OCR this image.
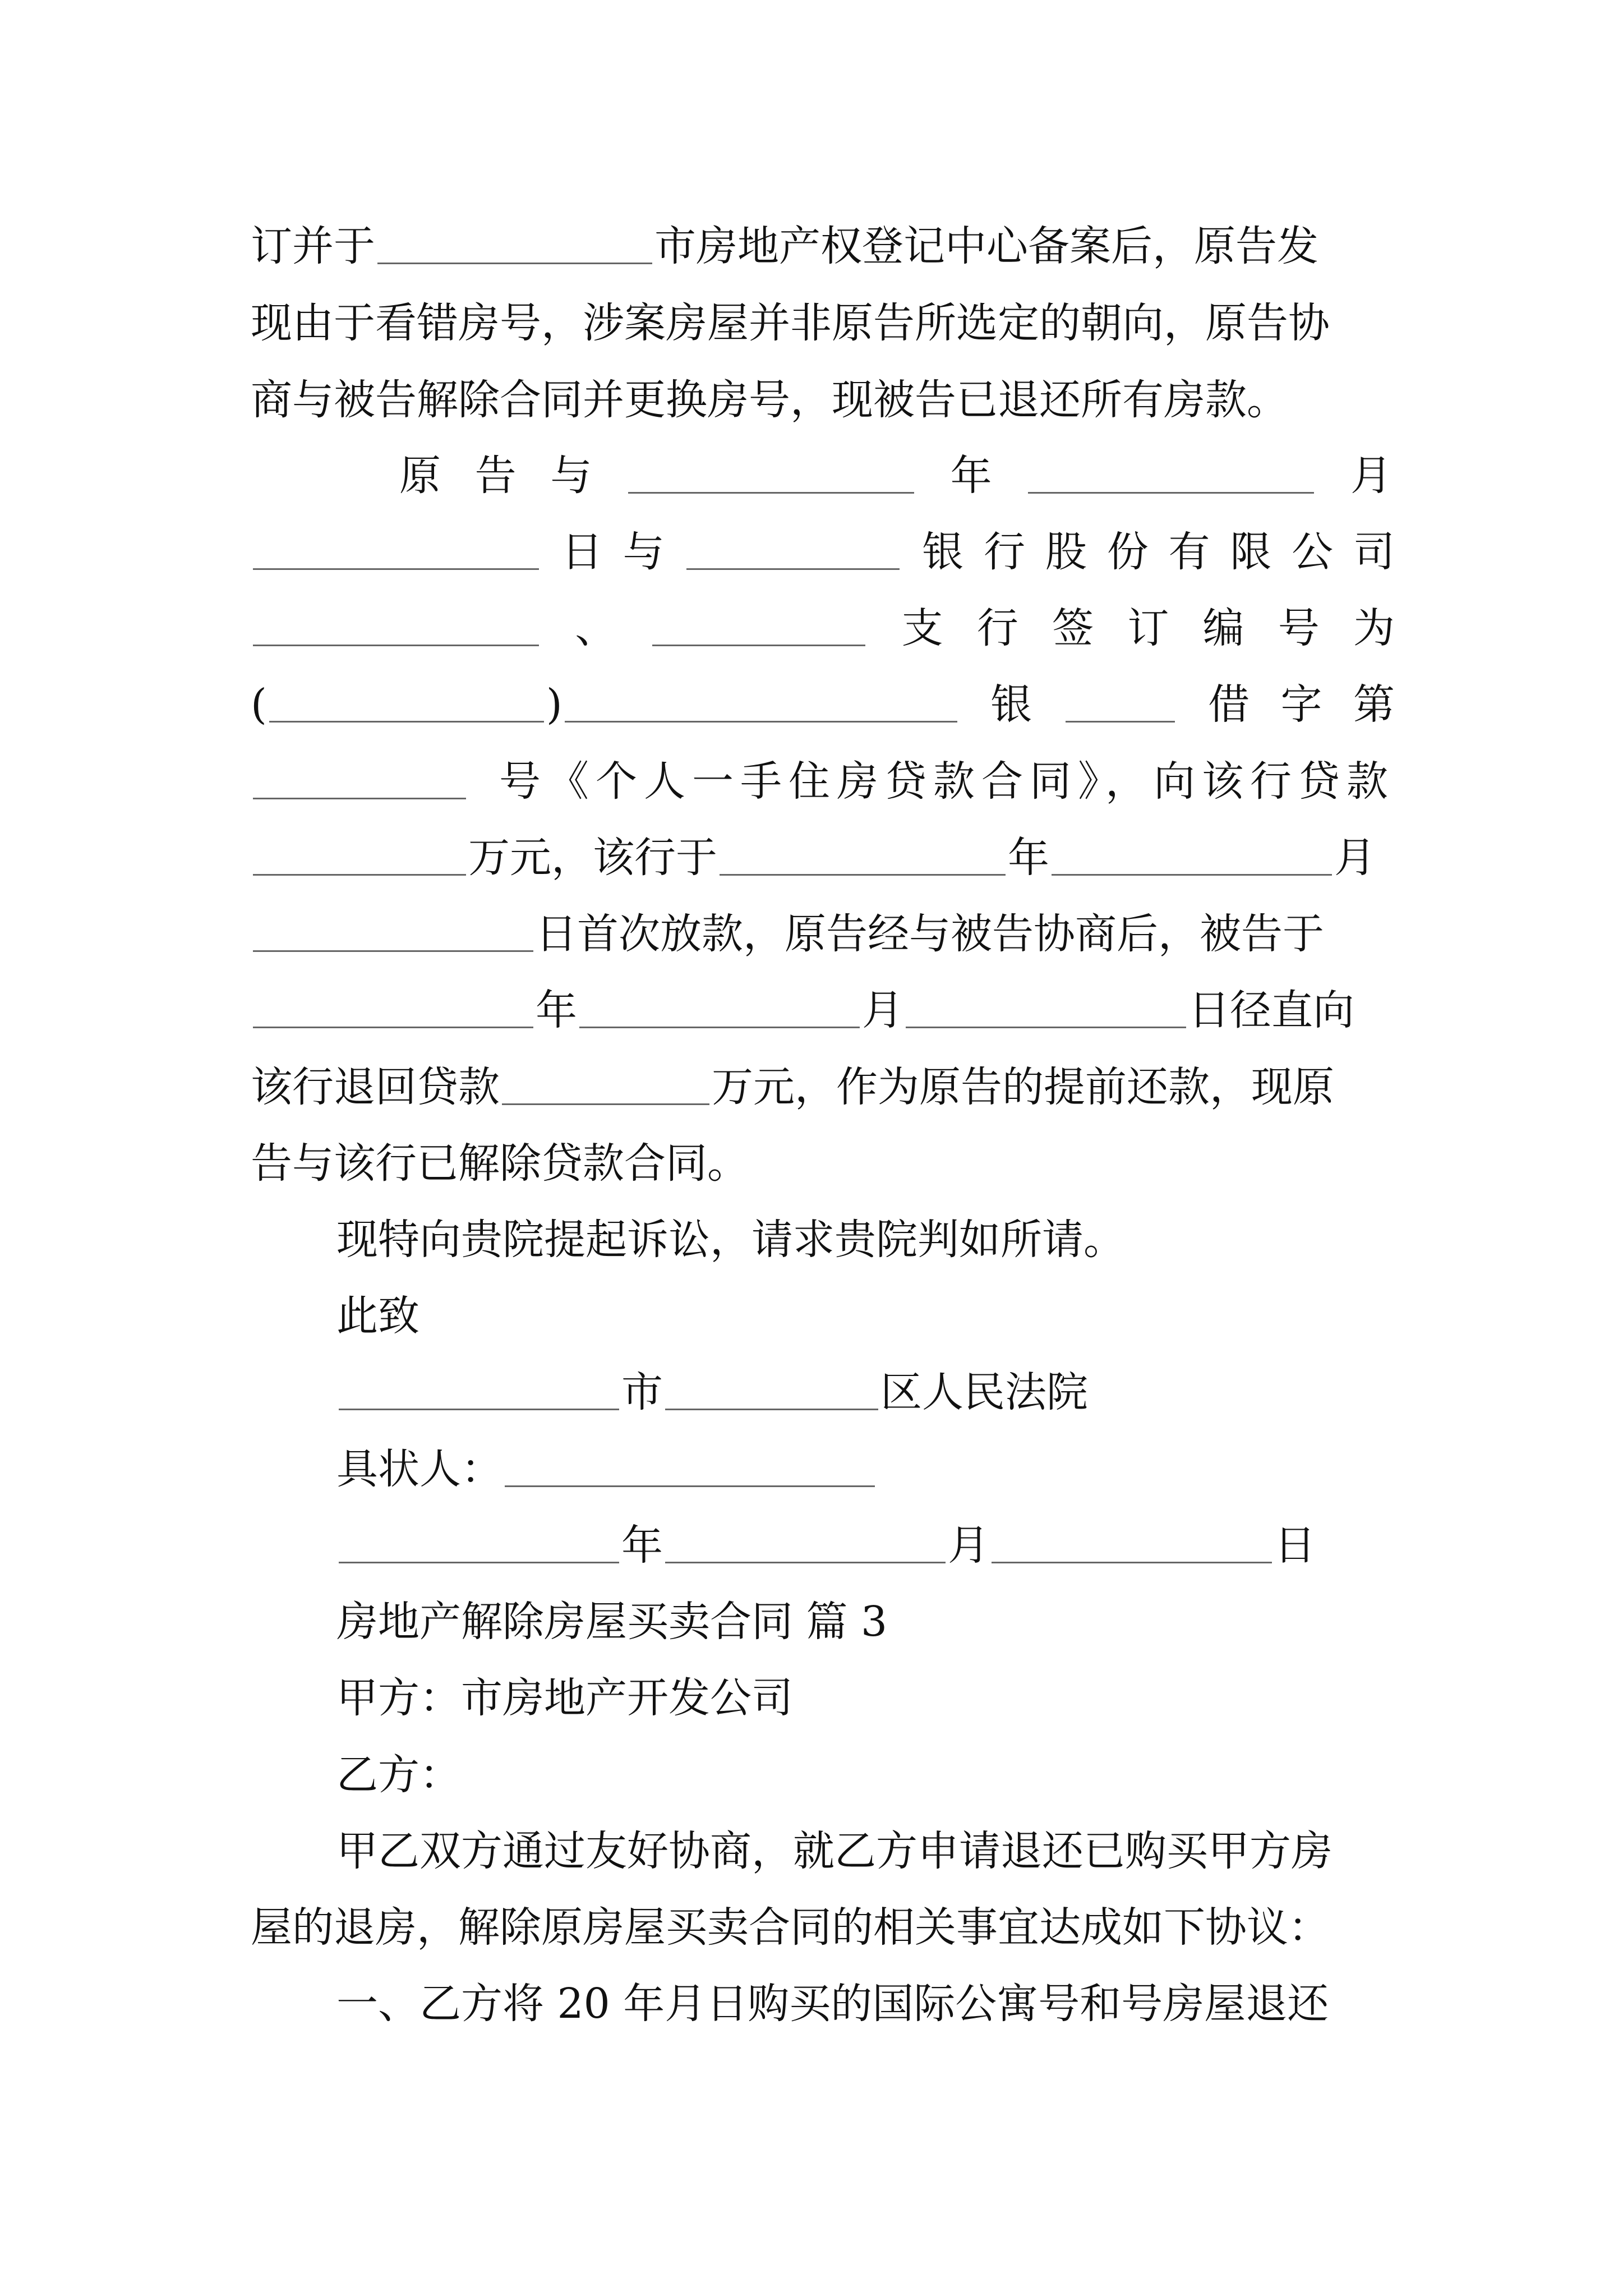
订并于	市房地产权登记中心备案后，原告发
现由于看错房号，涉案房屋并非原告所选定的朝向，原告协
商与被告解除合同并更换房号，现被告已退还所有房款。
原 告 与	年	月
日 与	银 行 股 份 有 限 公 司
、	支 行 签 订 编 号 为
(	)	银	借 字 第
号《个人一手住房贷款合同》，向该行贷款
万元，该行于	年	月
日首次放款，原告经与被告协商后，被告于
年	月	日径直向
该行退回贷款	万元，作为原告的提前还款，现原
告与该行已解除贷款合同。
现特向贵院提起诉讼，请求贵院判如所请。
此致
市	区人民法院
具状人：
年	月	日
房地产解除房屋买卖合同 篇 3
甲方：市房地产开发公司
乙方：
甲乙双方通过友好协商，就乙方申请退还已购买甲方房
屋的退房，解除原房屋买卖合同的相关事宜达成如下协议：
一、乙方将 20 年月日购买的国际公寓号和号房屋退还
